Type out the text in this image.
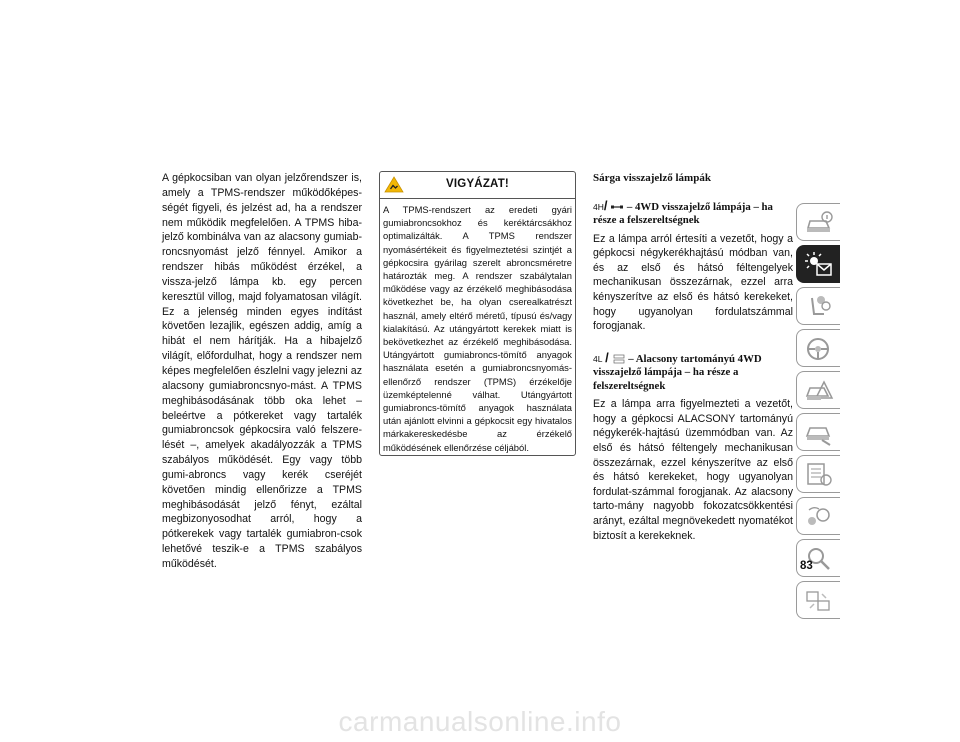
A gépkocsiban van olyan jelzőrendszer is, amely a TPMS-rendszer működőképes-ségét figyeli, és jelzést ad, ha a rendszer nem működik megfelelően. A TPMS hiba-jelző kombinálva van az alacsony gumiab-roncsnyomást jelző fénnyel. Amikor a rendszer hibás működést érzékel, a vissza-jelző lámpa kb. egy percen keresztül villog, majd folyamatosan világít. Ez a jelenség minden egyes indítást követően lezajlik, egészen addig, amíg a hibát el nem hárítják. Ha a hibajelző világít, előfordulhat, hogy a rendszer nem képes megfelelően észlelni vagy jelezni az alacsony gumiabroncsnyo-mást. A TPMS meghibásodásának több oka lehet – beleértve a pótkereket vagy tartalék gumiabroncsok gépkocsira való felszere-lését –, amelyek akadályozzák a TPMS szabályos működését. Egy vagy több gumi-abroncs vagy kerék cseréjét követően mindig ellenőrizze a TPMS meghibásodását jelző fényt, ezáltal megbizonyosodhat arról, hogy a pótkerekek vagy tartalék gumiabron-csok lehetővé teszik-e a TPMS szabályos működését.
VIGYÁZAT!
A TPMS-rendszert az eredeti gyári gumiabroncsokhoz és keréktárcsákhoz optimalizálták. A TPMS rendszer nyomásértékeit és figyelmeztetési szintjét a gépkocsira gyárilag szerelt abroncsméretre határozták meg. A rendszer szabálytalan működése vagy az érzékelő meghibásodása következhet be, ha olyan cserealkatrészt használ, amely eltérő méretű, típusú és/vagy kialakítású. Az utángyártott kerekek miatt is bekövetkezhet az érzékelő meghibásodása. Utángyártott gumiabroncs-tömítő anyagok használata esetén a gumiabroncsnyomás-ellenőrző rendszer (TPMS) érzékelője üzemképtelenné válhat. Utángyártott gumiabroncs-tömítő anyagok használata után ajánlott elvinni a gépkocsit egy hivatalos márkakereskedésbe az érzékelő működésének ellenőrzése céljából.
Sárga visszajelző lámpák
4H/ – 4WD visszajelző lámpája – ha része a felszereltségnek
Ez a lámpa arról értesíti a vezetőt, hogy a gépkocsi négykerékhajtású módban van, és az első és hátsó féltengelyek mechanikusan összezárnak, ezzel arra kényszerítve az első és hátsó kerekeket, hogy ugyanolyan fordulatszámmal forogjanak.
4L / – Alacsony tartományú 4WD visszajelző lámpája – ha része a felszereltségnek
Ez a lámpa arra figyelmezteti a vezetőt, hogy a gépkocsi ALACSONY tartományú négykerék-hajtású üzemmódban van. Az első és hátsó féltengely mechanikusan összezárnak, ezzel kényszerítve az első és hátsó kerekeket, hogy ugyanolyan fordulat-számmal forogjanak. Az alacsony tarto-mány nagyobb fokozatcsökkentési arányt, ezáltal megnövekedett nyomatékot biztosít a kerekeknek.
83
carmanualsonline.info
